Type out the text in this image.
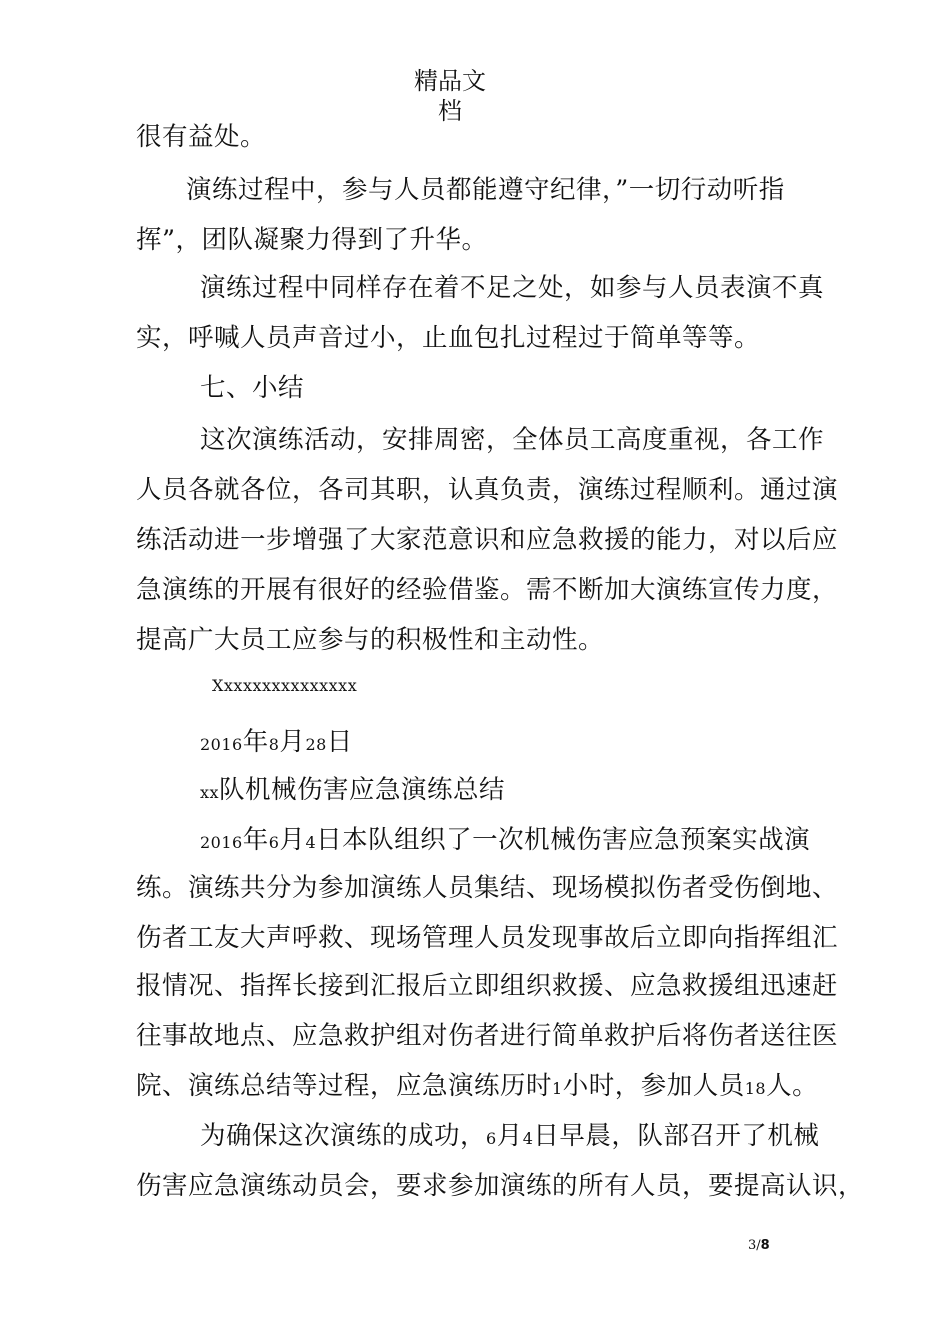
精品文
档
很有益处。
演练过程中，参与人员都能遵守纪律，”一切行动听指
挥”，团队凝聚力得到了升华。
演练过程中同样存在着不足之处，如参与人员表演不真
实，呼喊人员声音过小，止血包扎过程过于简单等等。
七、小结
这次演练活动，安排周密，全体员工高度重视，各工作
人员各就各位，各司其职，认真负责，演练过程顺利。通过演
练活动进一步增强了大家范意识和应急救援的能力，对以后应
急演练的开展有很好的经验借鉴。需不断加大演练宣传力度，
提高广大员工应参与的积极性和主动性。
Xxxxxxxxxxxxxxx
2016年8月28日
xx队机械伤害应急演练总结
2016年6月4日本队组织了一次机械伤害应急预案实战演
练。演练共分为参加演练人员集结、现场模拟伤者受伤倒地、
伤者工友大声呼救、现场管理人员发现事故后立即向指挥组汇
报情况、指挥长接到汇报后立即组织救援、应急救援组迅速赶
往事故地点、应急救护组对伤者进行简单救护后将伤者送往医
院、演练总结等过程，应急演练历时1小时，参加人员18人。
为确保这次演练的成功，6月4日早晨，队部召开了机械
伤害应急演练动员会，要求参加演练的所有人员，要提高认识，
3/8
